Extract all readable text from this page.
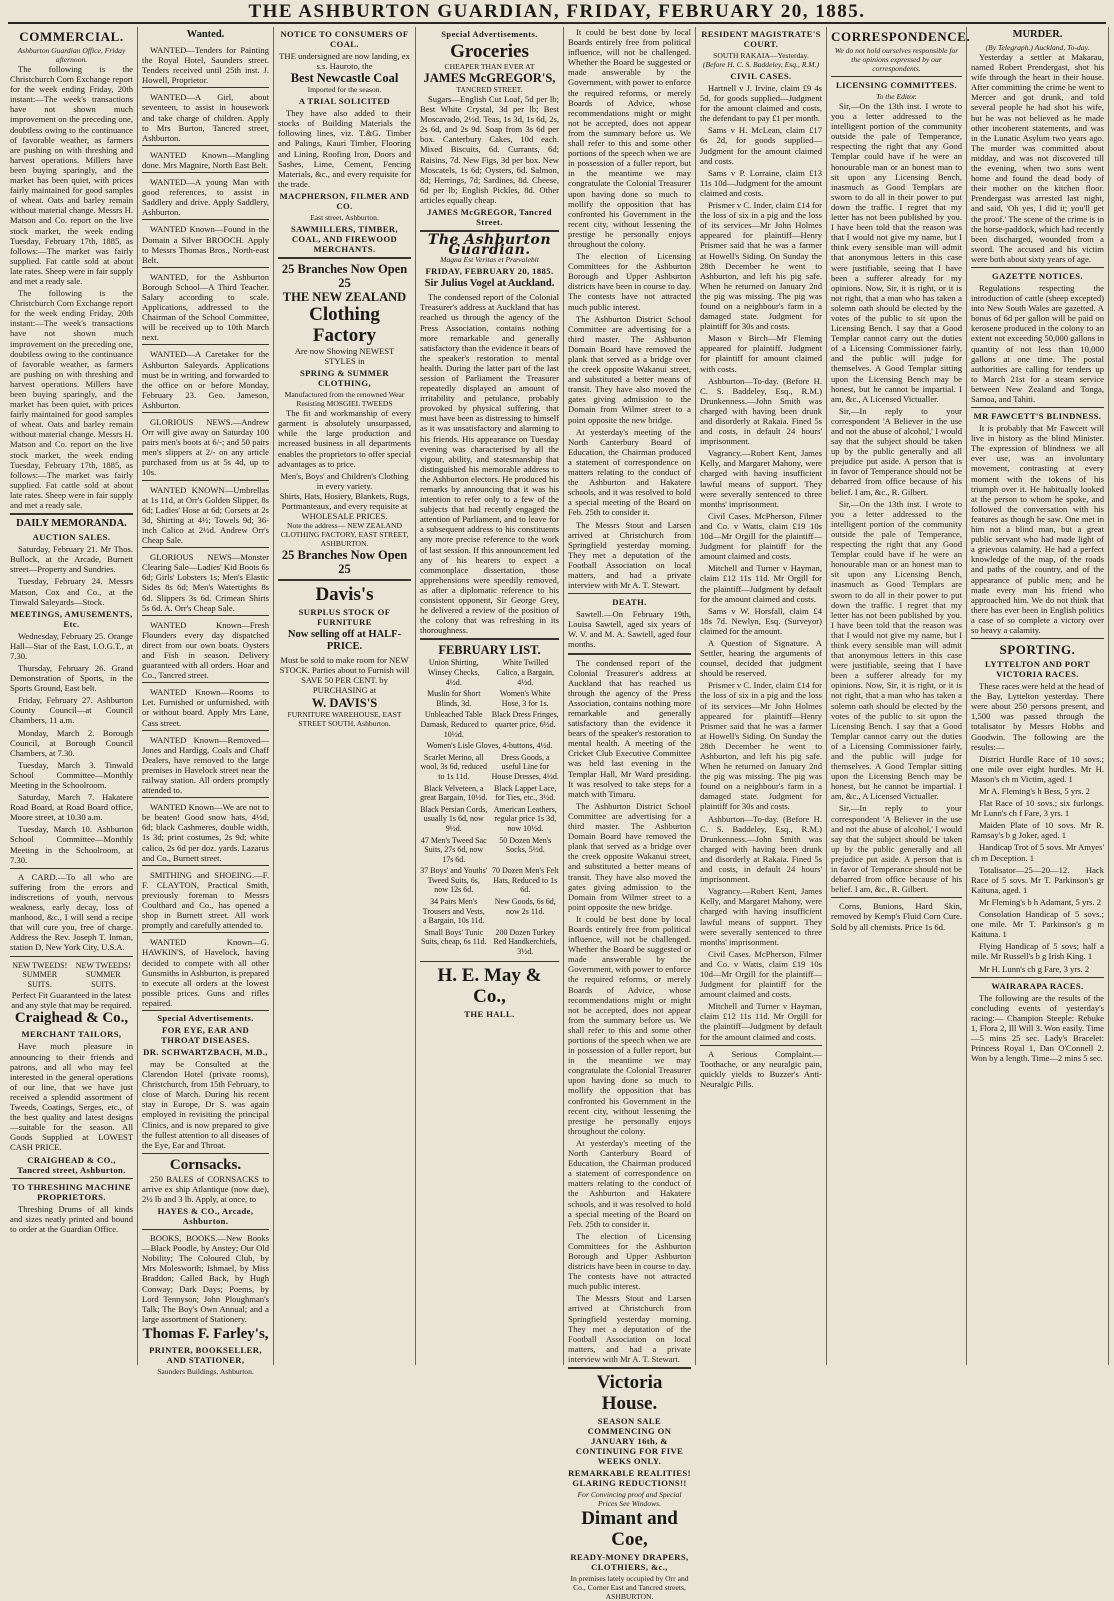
THE ASHBURTON GUARDIAN, FRIDAY, FEBRUARY 20, 1885.
COMMERCIAL.
Ashburton Guardian Office, Friday afternoon.
The following is the Christchurch Corn Exchange report for the week ending Friday, 20th instant:—The week's transactions have not shown much improvement on the preceding one, doubtless owing to the continuance of favorable weather, as farmers are pushing on with threshing and harvest operations. Millers have been buying sparingly, and the market has been quiet, with prices fairly maintained for good samples of wheat. Oats and barley remain without material change. Messrs H. Matson and Co. report on the live stock market, the week ending Tuesday, February 17th, 1885, as follows:—The market was fairly supplied. Fat cattle sold at about late rates. Sheep were in fair supply and met a ready sale.
The following is the Christchurch Corn Exchange report for the week ending Friday, 20th instant:—The week's transactions have not shown much improvement on the preceding one, doubtless owing to the continuance of favorable weather, as farmers are pushing on with threshing and harvest operations. Millers have been buying sparingly, and the market has been quiet, with prices fairly maintained for good samples of wheat. Oats and barley remain without material change. Messrs H. Matson and Co. report on the live stock market, the week ending Tuesday, February 17th, 1885, as follows:—The market was fairly supplied. Fat cattle sold at about late rates. Sheep were in fair supply and met a ready sale.
DAILY MEMORANDA.
AUCTION SALES.
Saturday, February 21. Mr Thos. Bullock, at the Arcade, Burnett street—Property and Sundries.
Tuesday, February 24. Messrs Matson, Cox and Co., at the Tinwald Saleyards—Stock.
MEETINGS, AMUSEMENTS, Etc.
Wednesday, February 25. Orange Hall—Star of the East, I.O.G.T., at 7.30.
Thursday, February 26. Grand Demonstration of Sports, in the Sports Ground, East belt.
Friday, February 27. Ashburton County Council—at Council Chambers, 11 a.m.
Monday, March 2. Borough Council, at Borough Council Chambers, at 7.30.
Tuesday, March 3. Tinwald School Committee—Monthly Meeting in the Schoolroom.
Saturday, March 7. Hakatere Road Board, at Road Board office, Moore street, at 10.30 a.m.
Tuesday, March 10. Ashburton School Committee—Monthly Meeting in the Schoolroom, at 7.30.
A CARD.—To all who are suffering from the errors and indiscretions of youth, nervous weakness, early decay, loss of manhood, &c., I will send a recipe that will cure you, free of charge. Address the Rev. Joseph T. Inman, station D, New York City, U.S.A.
NEW TWEEDS! SUMMER SUITS.
NEW TWEEDS! SUMMER SUITS.
Perfect Fit Guaranteed in the latest and any style that may be required.
Craighead & Co.,
MERCHANT TAILORS,
Have much pleasure in announcing to their friends and patrons, and all who may feel interested in the general operations of our line, that we have just received a splendid assortment of Tweeds, Coatings, Serges, etc., of the best quality and latest designs—suitable for the season. All Goods Supplied at LOWEST CASH PRICE.
CRAIGHEAD & CO., Tancred street, Ashburton.
TO THRESHING MACHINE PROPRIETORS.
Threshing Drums of all kinds and sizes neatly printed and bound to order at the Guardian Office.
Wanted.
WANTED—Tenders for Painting the Royal Hotel, Saunders street. Tenders received until 25th inst. J. Howell, Proprietor.
WANTED—A Girl, about seventeen, to assist in housework and take charge of children. Apply to Mrs Burton, Tancred street, Ashburton.
WANTED Known—Mangling done. Mrs Magnire, North East Belt.
WANTED—A young Man with good references, to assist in Saddlery and drive. Apply Saddlery, Ashburton.
WANTED Known—Found in the Domain a Silver BROOCH. Apply to Messrs Thomas Bros., North-east Belt.
WANTED, for the Ashburton Borough School—A Third Teacher. Salary according to scale. Applications, addressed to the Chairman of the School Committee, will be received up to 10th March next.
WANTED—A Caretaker for the Ashburton Saleyards. Applications must be in writing, and forwarded to the office on or before Monday, February 23. Geo. Jameson, Ashburton.
GLORIOUS NEWS.—Andrew Orr will give away on Saturday 100 pairs men's boots at 6/-; and 50 pairs men's slippers at 2/- on any article purchased from us at 5s 4d, up to 10s.
WANTED KNOWN—Umbrellas at 1s 11d, at Orr's Golden Slipper, 8s 6d; Ladies' Hose at 6d; Corsets at 2s 3d, Shirting at 4½; Towels 9d; 36-inch Calico at 2½d. Andrew Orr's Cheap Sale.
GLORIOUS NEWS—Monster Clearing Sale—Ladies' Kid Boots 6s 6d; Girls' Lobsters 1s; Men's Elastic Sides 8s 6d; Men's Watertights 8s 6d. Slippers 3s 6d. Crimean Shirts 5s 6d. A. Orr's Cheap Sale.
WANTED Known—Fresh Flounders every day dispatched direct from our own boats. Oysters and Fish in season. Delivery guaranteed with all orders. Hoar and Co., Tancred street.
WANTED Known—Rooms to Let. Furnished or unfurnished, with or without board. Apply Mrs Lane, Cass street.
WANTED Known—Removed—Jones and Hardigg, Coals and Chaff Dealers, have removed to the large premises in Havelock street near the railway station. All orders promptly attended to.
WANTED Known—We are not to be beaten! Good snow hats, 4½d, 6d; black Cashmeres, double width, 1s 3d; print costumes, 2s 9d; white calico, 2s 6d per doz. yards. Lazarus and Co., Burnett street.
SMITHING and SHOEING.—F. F. CLAYTON, Practical Smith, previously foreman to Messrs Coulthard and Co., has opened a shop in Burnett street. All work promptly and carefully attended to.
WANTED Known—G. HAWKIN'S, of Havelock, having decided to compete with all other Gunsmiths in Ashburton, is prepared to execute all orders at the lowest possible prices. Guns and rifles repaired.
Special Advertisements.
FOR EYE, EAR AND THROAT DISEASES.
DR. SCHWARTZBACH, M.D.,
may be Consulted at the Clarendon Hotel (private rooms), Christchurch, from 15th February, to close of March. During his recent stay in Europe, Dr S. was again employed in revisiting the principal Clinics, and is now prepared to give the fullest attention to all diseases of the Eye, Ear and Throat.
Cornsacks.
250 BALES of CORNSACKS to arrive ex ship Atlantique (now due), 2½ lb and 3 lb. Apply, at once, to
HAYES & CO., Arcade, Ashburton.
BOOKS, BOOKS.—New Books—Black Poodle, by Anstey; Our Old Nobility; The Coloured Club, by Mrs Molesworth; Ishmael, by Miss Braddon; Called Back, by Hugh Conway; Dark Days; Poems, by Lord Tennyson; John Ploughman's Talk; The Boy's Own Annual; and a large assortment of Stationery.
Thomas F. Farley's,
PRINTER, BOOKSELLER, AND STATIONER,
Saunders Buildings, Ashburton.
NOTICE TO CONSUMERS OF COAL.
THE undersigned are now landing, ex s.s. Hauroto, the
Best Newcastle Coal
Imported for the season.
A TRIAL SOLICITED
They have also added to their stocks of Building Materials the following lines, viz. T.&G. Timber and Palings, Kauri Timber, Flooring and Lining, Roofing Iron, Doors and Sashes, Lime, Cement, Fencing Materials, &c., and every requisite for the trade.
MACPHERSON, FILMER AND CO.
East street, Ashburton.
SAWMILLERS, TIMBER, COAL, AND FIREWOOD MERCHANTS.
25 Branches Now Open 25
THE NEW ZEALAND
Clothing Factory
Are now Showing NEWEST STYLES in
SPRING & SUMMER CLOTHING,
Manufactured from the renowned Wear Resisting MOSGIEL TWEEDS
The fit and workmanship of every garment is absolutely unsurpassed, while the large production and increased business in all departments enables the proprietors to offer special advantages as to price.
Men's, Boys' and Children's Clothing in every variety.
Shirts, Hats, Hosiery, Blankets, Rugs, Portmanteaux, and every requisite at WHOLESALE PRICES.
Note the address— NEW ZEALAND CLOTHING FACTORY, EAST STREET, ASHBURTON.
25 Branches Now Open 25
Davis's
SURPLUS STOCK OF FURNITURE
Now selling off at HALF-PRICE.
Must be sold to make room for NEW STOCK. Parties about to Furnish will SAVE 50 PER CENT. by PURCHASING at
W. DAVIS'S
FURNITURE WAREHOUSE, EAST STREET SOUTH, Ashburton.
Special Advertisements.
Groceries
CHEAPER THAN EVER AT
JAMES McGREGOR'S,
TANCRED STREET.
Sugars—English Cut Loaf, 5d per lb; Best White Crystal, 3d per lb; Best Moscavado, 2½d. Teas, 1s 3d, 1s 6d, 2s, 2s 6d, and 2s 9d. Soap from 3s 6d per box. Canterbury Cakes, 10d each. Mixed Biscuits, 6d. Currants, 6d; Raisins, 7d. New Figs, 3d per box. New Moscatels, 1s 6d; Oysters, 6d. Salmon, 8d; Herrings, 7d; Sardines, 8d. Cheese, 6d per lb; English Pickles, 8d. Other articles equally cheap.
JAMES McGREGOR, Tancred Street.
The Ashburton Guardian.
Magna Est Veritas et Prævalebit
FRIDAY, FEBRUARY 20, 1885.
Sir Julius Vogel at Auckland.
The condensed report of the Colonial Treasurer's address at Auckland that has reached us through the agency of the Press Association, contains nothing more remarkable and generally satisfactory than the evidence it bears of the speaker's restoration to mental health. During the latter part of the last session of Parliament the Treasurer repeatedly displayed an amount of irritability and petulance, probably provoked by physical suffering, that must have been as distressing to himself as it was unsatisfactory and alarming to his friends. His appearance on Tuesday evening was characterised by all the vigour, ability, and statesmanship that distinguished his memorable address to the Ashburton electors. He produced his remarks by announcing that it was his intention to refer only to a few of the subjects that had recently engaged the attention of Parliament, and to leave for a subsequent address to his constituents any more precise reference to the work of last session. If this announcement led any of his hearers to expect a commonplace dissertation, those apprehensions were speedily removed, as after a diplomatic reference to his consistent opponent, Sir George Grey, he delivered a review of the position of the colony that was refreshing in its thoroughness.
FEBRUARY LIST.
Union Shirting, Winsey Checks, 4½d.
White Twilled Calico, a Bargain, 4½d.
Muslin for Short Blinds, 3d.
Women's White Hose, 3 for 1s.
Unbleached Table Damask, Reduced to 10½d.
Black Dress Fringes, quarter price, 6½d.
Women's Lisle Gloves, 4-buttons, 4½d.
Scarlet Merino, all wool, 3s 6d, reduced to 1s 11d.
Dress Goods, a useful Line for House Dresses, 4½d.
Black Velveteen, a great Bargain, 10½d.
Black Lappet Lace, for Ties, etc., 3½d.
Black Persian Cords, usually 1s 6d, now 9½d.
American Leathers, regular price 1s 3d, now 10½d.
47 Men's Tweed Sac Suits, 27s 6d, now 17s 6d.
50 Dozen Men's Socks, 5½d.
37 Boys' and Youths' Tweed Suits, 6s, now 12s 6d.
70 Dozen Men's Felt Hats, Reduced to 1s 6d.
34 Pairs Men's Trousers and Vests, a Bargain, 10s 11d.
New Goods, 6s 6d, now 2s 11d.
Small Boys' Tunic Suits, cheap, 6s 11d.
200 Dozen Turkey Red Handkerchiefs, 3½d.
H. E. May & Co.,
THE HALL.
It could be best done by local Boards entirely free from political influence, will not be challenged. Whether the Board be suggested or made answerable by the Government, with power to enforce the required reforms, or merely Boards of Advice, whose recommendations might or might not be accepted, does not appear from the summary before us. We shall refer to this and some other portions of the speech when we are in possession of a fuller report, but in the meantime we may congratulate the Colonial Treasurer upon having done so much to mollify the opposition that has confronted his Government in the recent city, without lessening the prestige he personally enjoys throughout the colony.
The election of Licensing Committees for the Ashburton Borough and Upper Ashburton districts have been in course to day. The contests have not attracted much public interest.
The Ashburton District School Committee are advertising for a third master. The Ashburton Domain Board have removed the plank that served as a bridge over the creek opposite Wakanui street, and substituted a better means of transit. They have also moved the gates giving admission to the Domain from Wilmer street to a point opposite the new bridge.
At yesterday's meeting of the North Canterbury Board of Education, the Chairman produced a statement of correspondence on matters relating to the conduct of the Ashburton and Hakatere schools, and it was resolved to hold a special meeting of the Board on Feb. 25th to consider it.
The Messrs Stout and Larsen arrived at Christchurch from Springfield yesterday morning. They met a deputation of the Football Association on local matters, and had a private interview with Mr A. T. Stewart.
DEATH.
Sawtell.—On February 19th, Louisa Sawtell, aged six years of W. V. and M. A. Sawtell, aged four months.
The condensed report of the Colonial Treasurer's address at Auckland that has reached us through the agency of the Press Association, contains nothing more remarkable and generally satisfactory than the evidence it bears of the speaker's restoration to mental health. A meeting of the Cricket Club Executive Committee was held last evening in the Templar Hall, Mr Ward presiding. It was resolved to take steps for a match with Timaru.
The Ashburton District School Committee are advertising for a third master. The Ashburton Domain Board have removed the plank that served as a bridge over the creek opposite Wakanui street, and substituted a better means of transit. They have also moved the gates giving admission to the Domain from Wilmer street to a point opposite the new bridge.
It could be best done by local Boards entirely free from political influence, will not be challenged. Whether the Board be suggested or made answerable by the Government, with power to enforce the required reforms, or merely Boards of Advice, whose recommendations might or might not be accepted, does not appear from the summary before us. We shall refer to this and some other portions of the speech when we are in possession of a fuller report, but in the meantime we may congratulate the Colonial Treasurer upon having done so much to mollify the opposition that has confronted his Government in the recent city, without lessening the prestige he personally enjoys throughout the colony.
At yesterday's meeting of the North Canterbury Board of Education, the Chairman produced a statement of correspondence on matters relating to the conduct of the Ashburton and Hakatere schools, and it was resolved to hold a special meeting of the Board on Feb. 25th to consider it.
The election of Licensing Committees for the Ashburton Borough and Upper Ashburton districts have been in course to day. The contests have not attracted much public interest.
The Messrs Stout and Larsen arrived at Christchurch from Springfield yesterday morning. They met a deputation of the Football Association on local matters, and had a private interview with Mr A. T. Stewart.
Victoria House.
SEASON SALE COMMENCING ON JANUARY 16th, & CONTINUING FOR FIVE WEEKS ONLY.
REMARKABLE REALITIES! GLARING REDUCTIONS!!
For Convincing proof and Special Prices See Windows.
Dimant and Coe,
READY-MONEY DRAPERS, CLOTHIERS, &c.,
In premises lately occupied by Orr and Co., Corner East and Tancred streets, ASHBURTON.
RESIDENT MAGISTRATE'S COURT.
SOUTH RAKAIA—Yesterday.
(Before H. C. S. Baddeley, Esq., R.M.)
CIVIL CASES.
Hartnell v J. Irvine, claim £9 4s 5d, for goods supplied—Judgment for the amount claimed and costs, the defendant to pay £1 per month.
Sams v H. McLean, claim £17 6s 2d, for goods supplied—Judgment for the amount claimed and costs.
Sams v P. Lorraine, claim £13 11s 10d—Judgment for the amount claimed and costs.
Prismer v C. Inder, claim £14 for the loss of six in a pig and the loss of its services—Mr John Holmes appeared for plaintiff—Henry Prismer said that he was a farmer at Howell's Siding. On Sunday the 28th December he went to Ashburton, and left his pig safe. When he returned on January 2nd the pig was missing. The pig was found on a neighbour's farm in a damaged state. Judgment for plaintiff for 30s and costs.
Mason v Birch—Mr Fleming appeared for plaintiff. Judgment for plaintiff for amount claimed with costs.
Ashburton—To-day. (Before H. C. S. Baddeley, Esq., R.M.) Drunkenness.—John Smith was charged with having been drunk and disorderly at Rakaia. Fined 5s and costs, in default 24 hours' imprisonment.
Vagrancy.—Robert Kent, James Kelly, and Margaret Mahony, were charged with having insufficient lawful means of support. They were severally sentenced to three months' imprisonment.
Civil Cases. McPherson, Filmer and Co. v Watts, claim £19 10s 10d—Mr Orgill for the plaintiff—Judgment for plaintiff for the amount claimed and costs.
Mitchell and Turner v Hayman, claim £12 11s 11d. Mr Orgill for the plaintiff—Judgment by default for the amount claimed and costs.
Sams v W. Horsfall, claim £4 18s 7d. Newlyn, Esq. (Surveyor) claimed for the amount.
A Question of Signature. A Settler, hearing the arguments of counsel, decided that judgment should be reserved.
Prismer v C. Inder, claim £14 for the loss of six in a pig and the loss of its services—Mr John Holmes appeared for plaintiff—Henry Prismer said that he was a farmer at Howell's Siding. On Sunday the 28th December he went to Ashburton, and left his pig safe. When he returned on January 2nd the pig was missing. The pig was found on a neighbour's farm in a damaged state. Judgment for plaintiff for 30s and costs.
Ashburton—To-day. (Before H. C. S. Baddeley, Esq., R.M.) Drunkenness.—John Smith was charged with having been drunk and disorderly at Rakaia. Fined 5s and costs, in default 24 hours' imprisonment.
Vagrancy.—Robert Kent, James Kelly, and Margaret Mahony, were charged with having insufficient lawful means of support. They were severally sentenced to three months' imprisonment.
Civil Cases. McPherson, Filmer and Co. v Watts, claim £19 10s 10d—Mr Orgill for the plaintiff—Judgment for plaintiff for the amount claimed and costs.
Mitchell and Turner v Hayman, claim £12 11s 11d. Mr Orgill for the plaintiff—Judgment by default for the amount claimed and costs.
A Serious Complaint.—Toothache, or any neuralgic pain, quickly yields to Buzzer's Anti-Neuralgic Pills.
CORRESPONDENCE.
We do not hold ourselves responsible for the opinions expressed by our correspondents.
LICENSING COMMITTEES.
To the Editor.
Sir,—On the 13th inst. I wrote to you a letter addressed to the intelligent portion of the community outside the pale of Temperance, respecting the right that any Good Templar could have if he were an honourable man or an honest man to sit upon any Licensing Bench, inasmuch as Good Templars are sworn to do all in their power to put down the traffic. I regret that my letter has not been published by you. I have been told that the reason was that I would not give my name, but I think every sensible man will admit that anonymous letters in this case were justifiable, seeing that I have been a sufferer already for my opinions. Now, Sir, it is right, or it is not right, that a man who has taken a solemn oath should be elected by the votes of the public to sit upon the Licensing Bench. I say that a Good Templar cannot carry out the duties of a Licensing Commissioner fairly, and the public will judge for themselves. A Good Templar sitting upon the Licensing Bench may be honest, but he cannot be impartial. I am, &c., A Licensed Victualler.
Sir,—In reply to your correspondent 'A Believer in the use and not the abuse of alcohol,' I would say that the subject should be taken up by the public generally and all prejudice put aside. A person that is in favor of Temperance should not be debarred from office because of his belief. I am, &c., R. Gilbert.
Sir,—On the 13th inst. I wrote to you a letter addressed to the intelligent portion of the community outside the pale of Temperance, respecting the right that any Good Templar could have if he were an honourable man or an honest man to sit upon any Licensing Bench, inasmuch as Good Templars are sworn to do all in their power to put down the traffic. I regret that my letter has not been published by you. I have been told that the reason was that I would not give my name, but I think every sensible man will admit that anonymous letters in this case were justifiable, seeing that I have been a sufferer already for my opinions. Now, Sir, it is right, or it is not right, that a man who has taken a solemn oath should be elected by the votes of the public to sit upon the Licensing Bench. I say that a Good Templar cannot carry out the duties of a Licensing Commissioner fairly, and the public will judge for themselves. A Good Templar sitting upon the Licensing Bench may be honest, but he cannot be impartial. I am, &c., A Licensed Victualler.
Sir,—In reply to your correspondent 'A Believer in the use and not the abuse of alcohol,' I would say that the subject should be taken up by the public generally and all prejudice put aside. A person that is in favor of Temperance should not be debarred from office because of his belief. I am, &c., R. Gilbert.
Corns, Bunions, Hard Skin, removed by Kemp's Fluid Corn Cure. Sold by all chemists. Price 1s 6d.
MURDER.
(By Telegraph.) Auckland, To-day.
Yesterday a settler at Makarau, named Robert Prendergast, shot his wife through the heart in their house. After committing the crime he went to Mercer and got drunk, and told several people he had shot his wife, but he was not believed as he made other incoherent statements, and was in the Lunatic Asylum two years ago. The murder was committed about midday, and was not discovered till the evening, when two sons went home and found the dead body of their mother on the kitchen floor. Prendergast was arrested last night, and said, 'Oh yes, I did it; you'll get the proof.' The scene of the crime is in the horse-paddock, which had recently been discharged, wounded from a sword. The accused and his victim were both about sixty years of age.
GAZETTE NOTICES.
Regulations respecting the introduction of cattle (sheep excepted) into New South Wales are gazetted. A bonus of 6d per gallon will be paid on kerosene produced in the colony to an extent not exceeding 50,000 gallons in quantity of not less than 10,000 gallons at one time. The postal authorities are calling for tenders up to March 21st for a steam service between New Zealand and Tonga, Samoa, and Tahiti.
MR FAWCETT'S BLINDNESS.
It is probably that Mr Fawcett will live in history as the blind Minister. The expression of blindness we all ever use, was an involuntary movement, contrasting at every moment with the tokens of his triumph over it. He habitually looked at the person to whom he spoke, and followed the conversation with his features as though he saw. One met in him not a blind man, but a great public servant who had made light of a grievous calamity. He had a perfect knowledge of the map, of the roads and paths of the country, and of the appearance of public men; and he made every man his friend who approached him. We do not think that there has ever been in English politics a case of so complete a victory over so heavy a calamity.
SPORTING.
LYTTELTON AND PORT VICTORIA RACES.
These races were held at the head of the Bay, Lyttelton yesterday. There were about 250 persons present, and 1,500 was passed through the totalisator by Messrs Hobbs and Goodwin. The following are the results:—
District Hurdle Race of 10 sovs.; one mile over eight hurdles. Mr H. Mason's ch m Victim, aged. 1
Mr A. Fleming's h Bess, 5 yrs. 2
Flat Race of 10 sovs.; six furlongs. Mr Lunn's ch f Fare, 3 yrs. 1
Maiden Plate of 10 sovs. Mr R. Ramsay's b g Joker, aged. 1
Handicap Trot of 5 sovs. Mr Amyes' ch m Deception. 1
Totalisator—25—20—12. Hack Race of 5 sovs. Mr T. Parkinson's gr Kaituna, aged. 1
Mr Fleming's b h Adamant, 5 yrs. 2
Consolation Handicap of 5 sovs.; one mile. Mr T. Parkinson's g m Kaituna. 1
Flying Handicap of 5 sovs; half a mile. Mr Russell's b g Irish King. 1
Mr H. Lunn's ch g Fare, 3 yrs. 2
WAIRARAPA RACES.
The following are the results of the concluding events of yesterday's racing:— Champion Steeple: Rebuke 1, Flora 2, Ill Will 3. Won easily. Time—5 mins 25 sec. Lady's Bracelet: Princess Royal 1, Dan O'Connell 2. Won by a length. Time—2 mins 5 sec.
